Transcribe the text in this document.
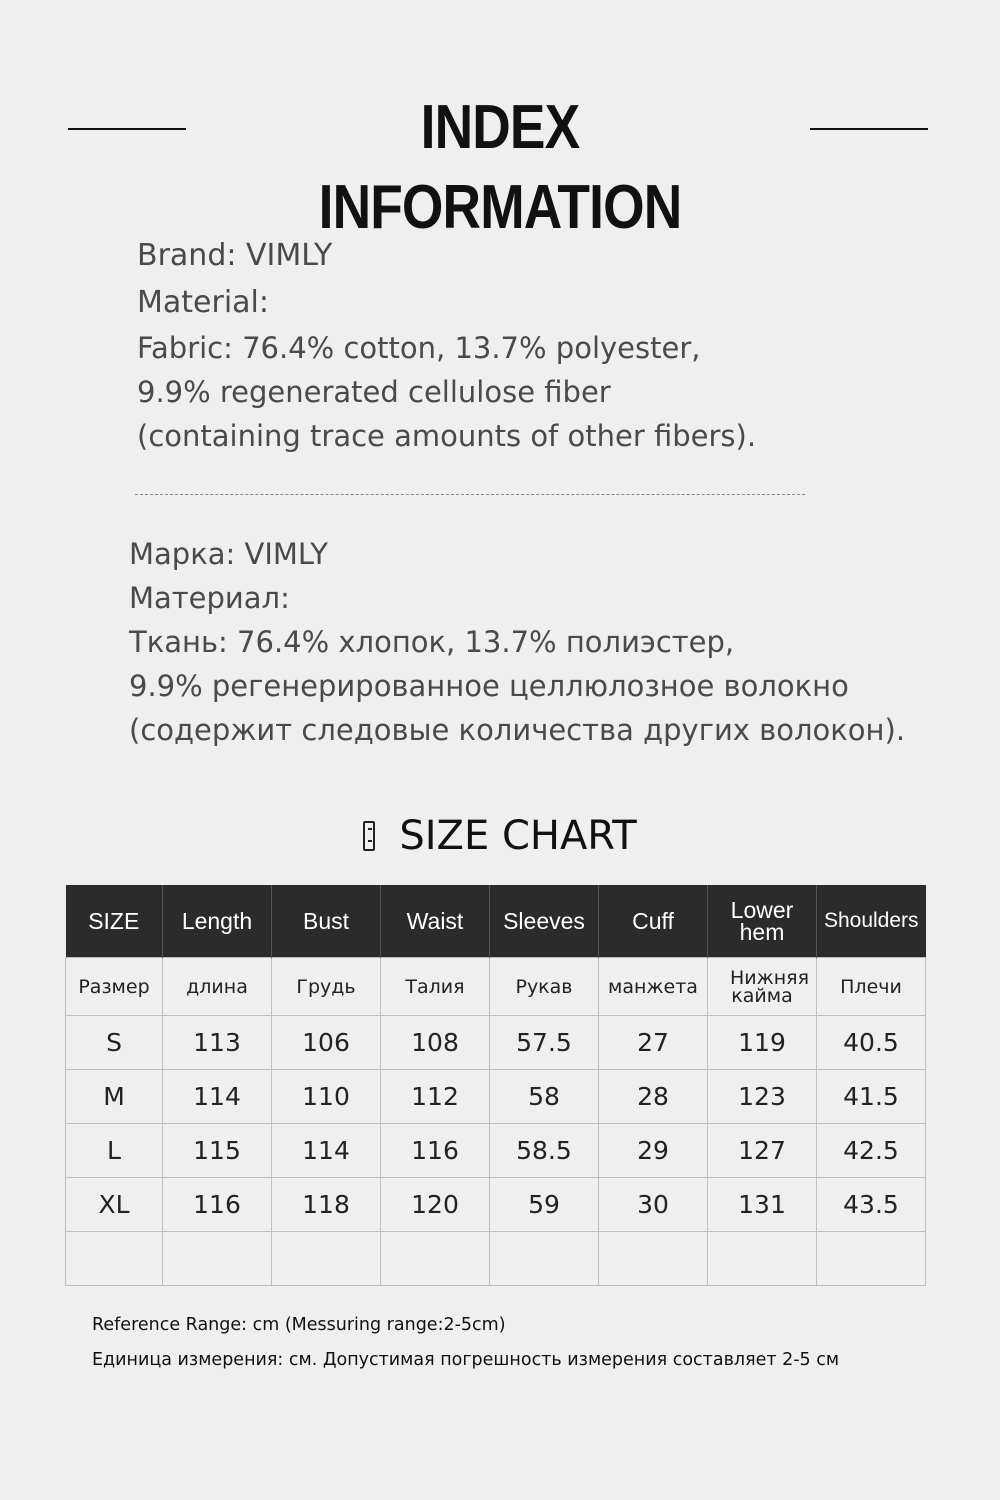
INDEX INFORMATION
Brand: VIMLY
Material:
Fabric: 76.4% cotton, 13.7% polyester,
9.9% regenerated cellulose fiber
(containing trace amounts of other fibers).
Марка: VIMLY
Материал:
Ткань: 76.4% хлопок, 13.7% полиэстер,
9.9% регенерированное целлюлозное волокно
(содержит следовые количества других волокон).
SIZE CHART
SIZE	Length	Bust	Waist	Sleeves	Cuff	Lower hem	Shoulders
Размер	длина	Грудь	Талия	Рукав	манжета	Нижняя кайма	Плечи
S	113	106	108	57.5	27	119	40.5
M	114	110	112	58	28	123	41.5
L	115	114	116	58.5	29	127	42.5
XL	116	118	120	59	30	131	43.5

Reference Range: cm (Messuring range:2-5cm)
Единица измерения: см. Допустимая погрешность измерения составляет 2-5 см
